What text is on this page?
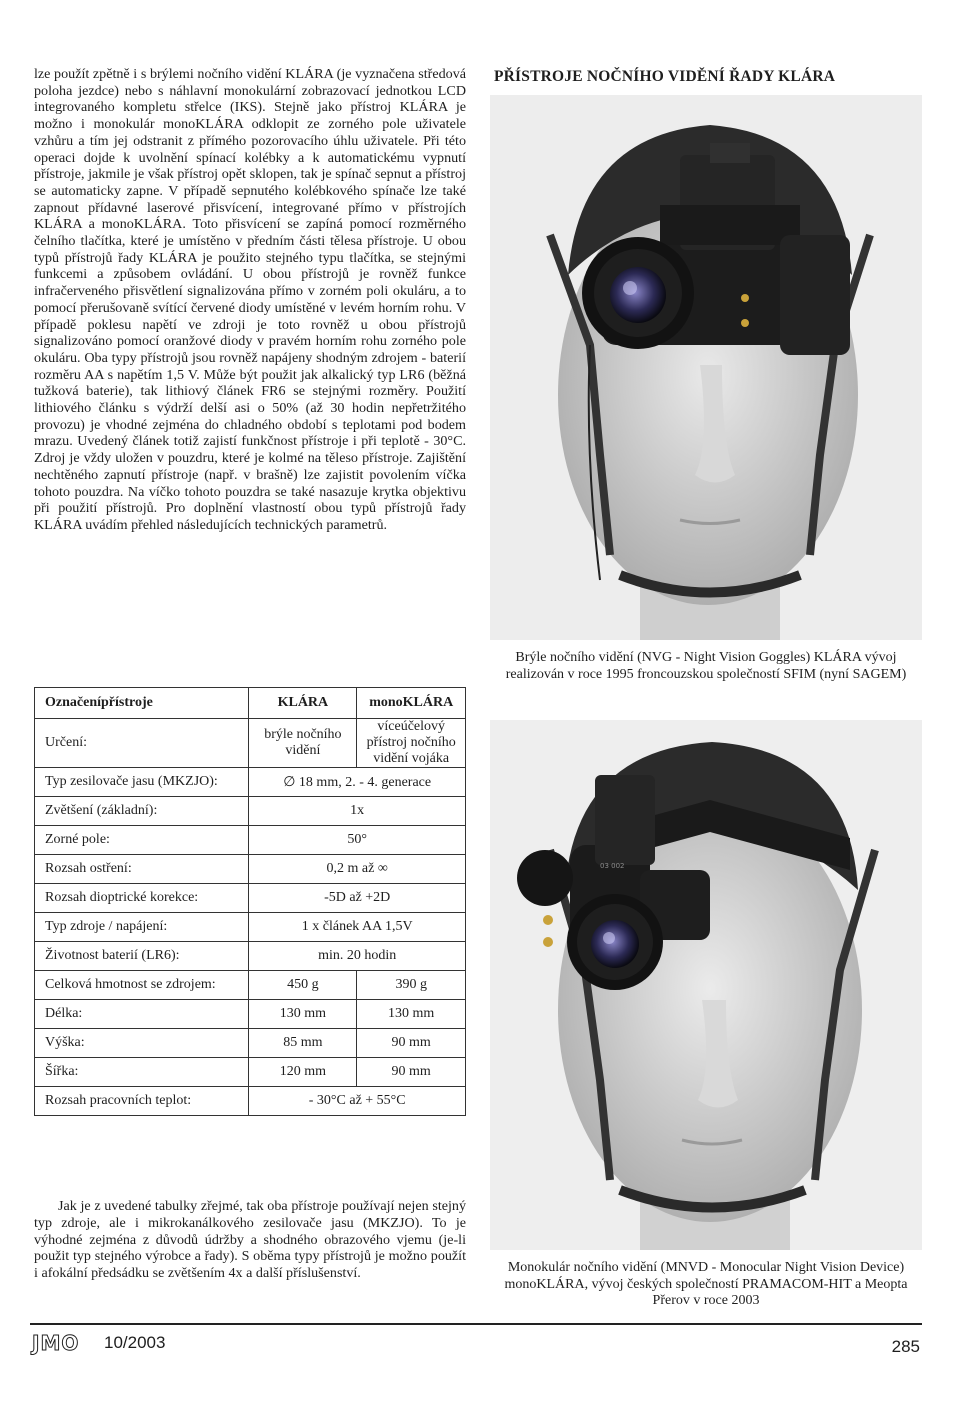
lze použít zpětně i s brýlemi nočního vidění KLÁRA (je vyznačena středová poloha jezdce) nebo s náhlavní monokulární zobrazovací jednotkou LCD integrovaného kompletu střelce (IKS). Stejně jako přístroj KLÁRA je možno i monokulár monoKLÁRA odklopit ze zorného pole uživatele vzhůru a tím jej odstranit z přímého pozorovacího úhlu uživatele. Při této operaci dojde k uvolnění spínací kolébky a k automatickému vypnutí přístroje, jakmile je však přístroj opět sklopen, tak je spínač sepnut a přístroj se automaticky zapne. V případě sepnutého kolébkového spínače lze také zapnout přídavné laserové přisvícení, integrované přímo v přístrojích KLÁRA a monoKLÁRA. Toto přisvícení se zapíná pomocí rozměrného čelního tlačítka, které je umístěno v předním části tělesa přístroje. U obou typů přístrojů řady KLÁRA je použito stejného typu tlačítka, se stejnými funkcemi a způsobem ovládání. U obou přístrojů je rovněž funkce infračerveného přisvětlení signalizována přímo v zorném poli okuláru, a to pomocí přerušovaně svítící červené diody umístěné v levém horním rohu. V případě poklesu napětí ve zdroji je toto rovněž u obou přístrojů signalizováno pomocí oranžové diody v pravém horním rohu zorného pole okuláru. Oba typy přístrojů jsou rovněž napájeny shodným zdrojem - baterií rozměru AA s napětím 1,5 V. Může být použit jak alkalický typ LR6 (běžná tužková baterie), tak lithiový článek FR6 se stejnými rozměry. Použití lithiového článku s výdrží delší asi o 50% (až 30 hodin nepřetržitého provozu) je vhodné zejména do chladného období s teplotami pod bodem mrazu. Uvedený článek totiž zajistí funkčnost přístroje i při teplotě - 30°C. Zdroj je vždy uložen v pouzdru, které je kolmé na těleso přístroje. Zajištění nechtěného zapnutí přístroje (např. v brašně) lze zajistit povolením víčka tohoto pouzdra. Na víčko tohoto pouzdra se také nasazuje krytka objektivu při použití přístrojů. Pro doplnění vlastností obou typů přístrojů řady KLÁRA uvádím přehled následujících technických parametrů.

PŘÍSTROJE NOČNÍHO VIDĚNÍ ŘADY KLÁRA
Brýle nočního vidění (NVG - Night Vision Goggles) KLÁRA vývoj realizován v roce 1995 froncouzskou společností SFIM (nyní SAGEM)
03 002
Monokulár nočního vidění (MNVD - Monocular Night Vision Device) monoKLÁRA, vývoj českých společností PRAMACOM-HIT a Meopta Přerov v roce 2003
Označenípřístroje	KLÁRA	monoKLÁRA
Určení:	brýle nočního vidění	víceúčelový přístroj nočního vidění vojáka
Typ zesilovače jasu (MKZJO):	∅ 18 mm, 2. - 4. generace	
Zvětšení (základní):	1x	
Zorné pole:	50°	
Rozsah ostření:	0,2 m až ∞	
Rozsah dioptrické korekce:	-5D až +2D	
Typ zdroje / napájení:	1 x článek AA 1,5V	
Životnost baterií (LR6):	min. 20 hodin	
Celková hmotnost se zdrojem:	450 g	390 g
Délka:	130 mm	130 mm
Výška:	85 mm	90 mm
Šířka:	120 mm	90 mm
Rozsah pracovních teplot:	- 30°C až + 55°C	

Jak je z uvedené tabulky zřejmé, tak oba přístroje používají nejen stejný typ zdroje, ale i mikrokanálkového zesilovače jasu (MKZJO). To je výhodné zejména z důvodů údržby a shodného obrazového vjemu (je-li použit typ stejného výrobce a řady). S oběma typy přístrojů je možno použít i afokální předsádku se zvětšením 4x a další příslušenství.

JMO 10/2003	285
